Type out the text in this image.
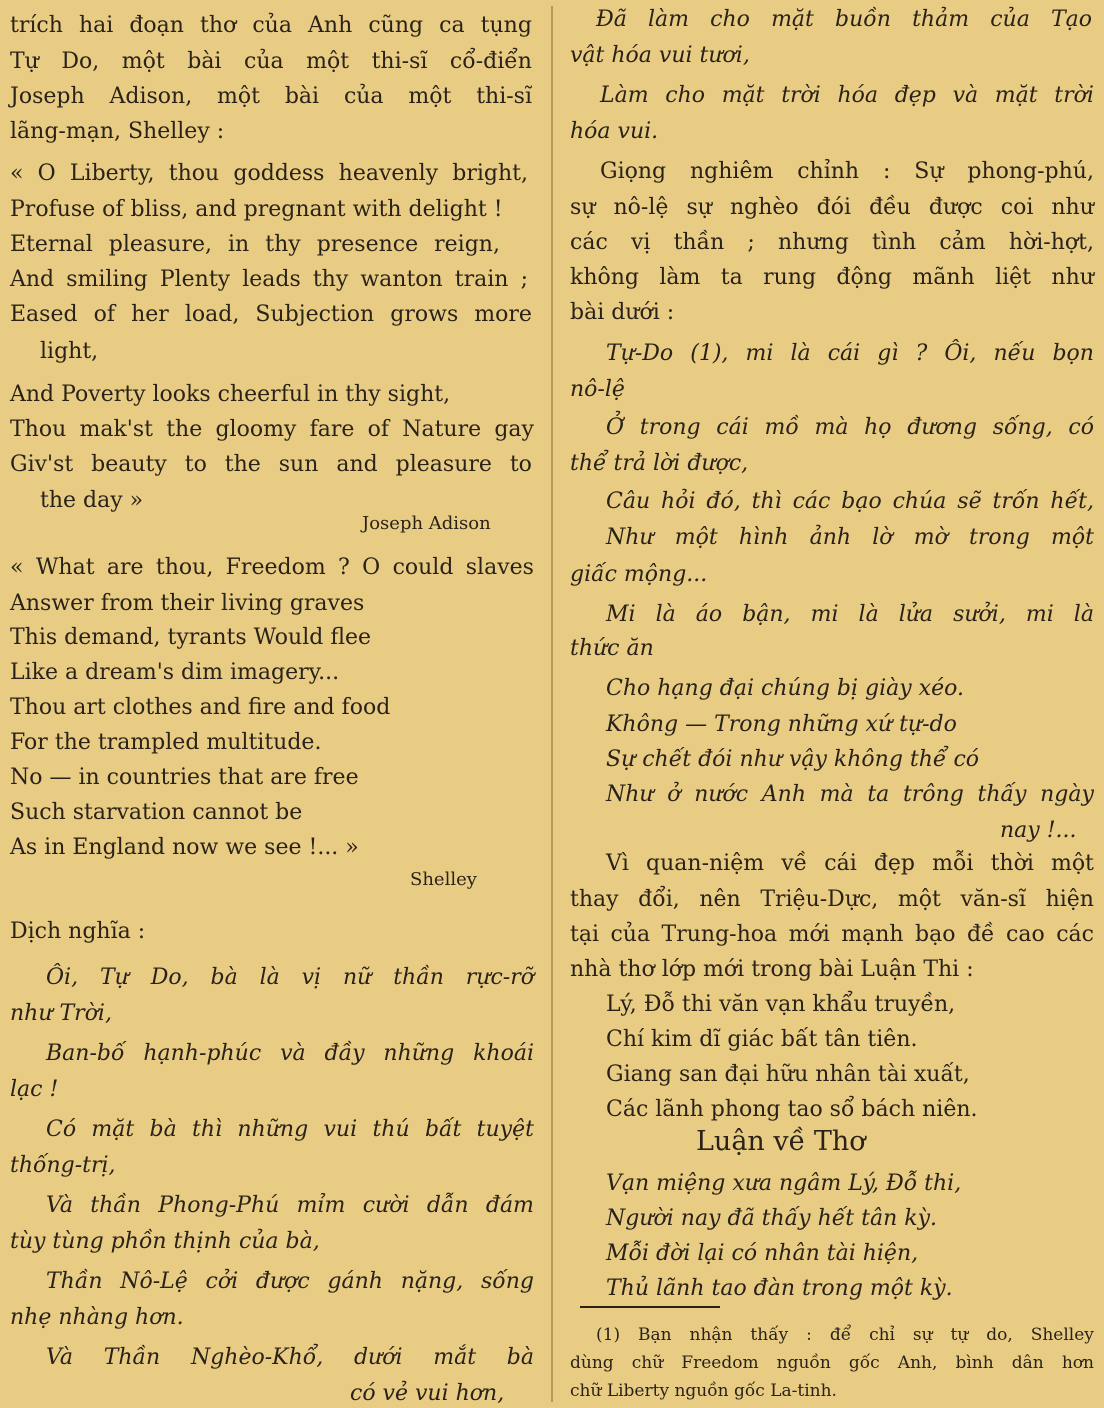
trích hai đoạn thơ của Anh cũng ca tụng
Tự Do, một bài của một thi-sĩ cổ-điển
Joseph Adison, một bài của một thi-sĩ
lãng-mạn, Shelley :
« O Liberty, thou goddess heavenly bright,
Profuse of bliss, and pregnant with delight !
Eternal pleasure, in thy presence reign,
And smiling Plenty leads thy wanton train ;
Eased of her load, Subjection grows more
light,
And Poverty looks cheerful in thy sight,
Thou mak'st the gloomy fare of Nature gay
Giv'st beauty to the sun and pleasure to
the day »
Joseph Adison
« What are thou, Freedom ? O could slaves
Answer from their living graves
This demand, tyrants Would flee
Like a dream's dim imagery...
Thou art clothes and fire and food
For the trampled multitude.
No — in countries that are free
Such starvation cannot be
As in England now we see !... »
Shelley
Dịch nghĩa :
Ôi, Tự Do, bà là vị nữ thần rực-rỡ
như Trời,
Ban-bố hạnh-phúc và đầy những khoái
lạc !
Có mặt bà thì những vui thú bất tuyệt
thống-trị,
Và thần Phong-Phú mỉm cười dẫn đám
tùy tùng phồn thịnh của bà,
Thần Nô-Lệ cởi được gánh nặng, sống
nhẹ nhàng hơn.
Và Thần Nghèo-Khổ, dưới mắt bà
có vẻ vui hơn,
Đã làm cho mặt buồn thảm của Tạo
vật hóa vui tươi,
Làm cho mặt trời hóa đẹp và mặt trời
hóa vui.
Giọng nghiêm chỉnh : Sự phong-phú,
sự nô-lệ sự nghèo đói đều được coi như
các vị thần ; nhưng tình cảm hời-hợt,
không làm ta rung động mãnh liệt như
bài dưới :
Tự-Do (1), mi là cái gì ? Ôi, nếu bọn
nô-lệ
Ở trong cái mồ mà họ đương sống, có
thể trả lời được,
Câu hỏi đó, thì các bạo chúa sẽ trốn hết,
Như một hình ảnh lờ mờ trong một
giấc mộng...
Mi là áo bận, mi là lửa sưởi, mi là
thức ăn
Cho hạng đại chúng bị giày xéo.
Không — Trong những xứ tự-do
Sự chết đói như vậy không thể có
Như ở nước Anh mà ta trông thấy ngày
nay !...
Vì quan-niệm về cái đẹp mỗi thời một
thay đổi, nên Triệu-Dực, một văn-sĩ hiện
tại của Trung-hoa mới mạnh bạo đề cao các
nhà thơ lớp mới trong bài Luận Thi :
Lý, Đỗ thi văn vạn khẩu truyền,
Chí kim dĩ giác bất tân tiên.
Giang san đại hữu nhân tài xuất,
Các lãnh phong tao sổ bách niên.
Luận về Thơ
Vạn miệng xưa ngâm Lý, Đỗ thi,
Người nay đã thấy hết tân kỳ.
Mỗi đời lại có nhân tài hiện,
Thủ lãnh tao đàn trong một kỳ.
(1) Bạn nhận thấy : để chỉ sự tự do, Shelley
dùng chữ Freedom nguồn gốc Anh, bình dân hơn
chữ Liberty nguồn gốc La-tinh.
